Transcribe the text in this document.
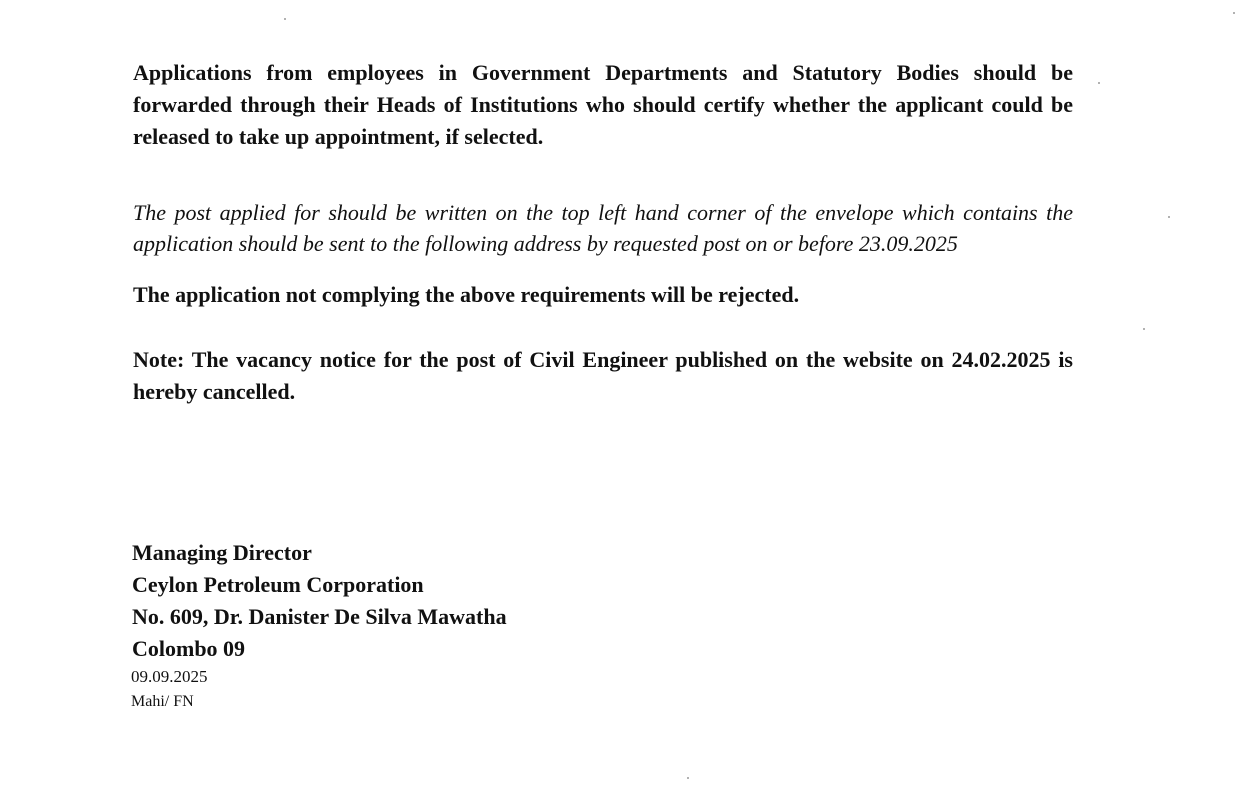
Applications from employees in Government Departments and Statutory Bodies should be forwarded through their Heads of Institutions who should certify whether the applicant could be released to take up appointment, if selected.

The post applied for should be written on the top left hand corner of the envelope which contains the application should be sent to the following address by requested post on or before 23.09.2025

The application not complying the above requirements will be rejected.

Note: The vacancy notice for the post of Civil Engineer published on the website on 24.02.2025 is hereby cancelled.

Managing Director

Ceylon Petroleum Corporation

No. 609, Dr. Danister De Silva Mawatha

Colombo 09

09.09.2025

Mahi/ FN
